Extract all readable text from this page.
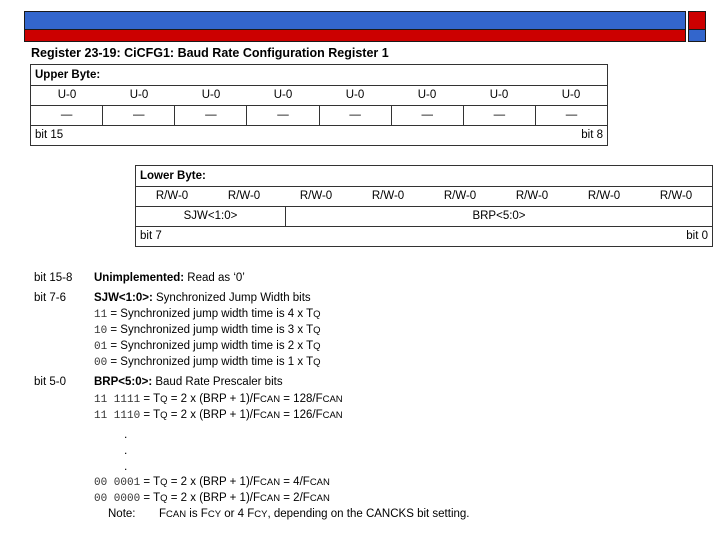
Register 23-19: CiCFG1: Baud Rate Configuration Register 1
Upper Byte:
U-0	U-0	U-0	U-0	U-0	U-0	U-0	U-0
—	—	—	—	—	—	—	—
bit 15	bit 8
Lower Byte:
R/W-0	R/W-0	R/W-0	R/W-0	R/W-0	R/W-0	R/W-0	R/W-0
SJW<1:0>	BRP<5:0>
bit 7	bit 0
bit 15-8	Unimplemented: Read as ‘0’
bit 7-6	SJW<1:0>: Synchronized Jump Width bits
11 = Synchronized jump width time is 4 x TQ
10 = Synchronized jump width time is 3 x TQ
01 = Synchronized jump width time is 2 x TQ
00 = Synchronized jump width time is 1 x TQ
bit 5-0	BRP<5:0>: Baud Rate Prescaler bits
11 1111 = TQ = 2 x (BRP + 1)/FCAN = 128/FCAN
11 1110 = TQ = 2 x (BRP + 1)/FCAN = 126/FCAN
.
.
.
00 0001 = TQ = 2 x (BRP + 1)/FCAN = 4/FCAN
00 0000 = TQ = 2 x (BRP + 1)/FCAN = 2/FCAN
Note: FCAN is FCY or 4 FCY, depending on the CANCKS bit setting.
